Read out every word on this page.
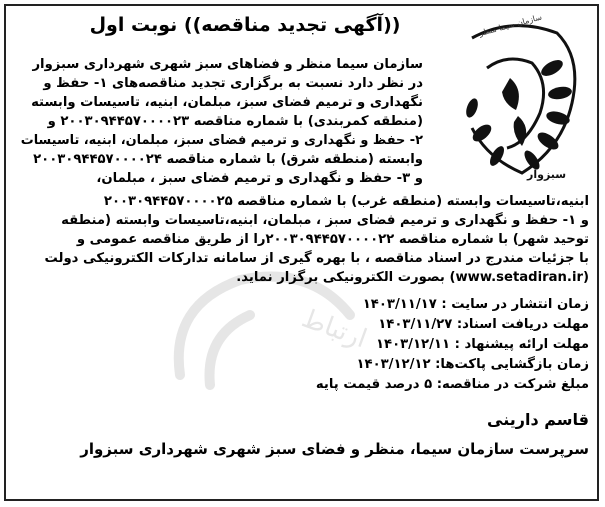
سازمان سیما منظر
سبزوار
ارتباط
((آگهی تجدید مناقصه)) نوبت اول
سازمان سیما منظر و فضاهای سبز شهری شهرداری سبزوار
در نظر دارد نسبت به برگزاری تجدید مناقصه‌های ۱- حفظ و
نگهداری و ترمیم فضای سبز، مبلمان، ابنیه، تاسیسات وابسته
(منطقه کمربندی) با شماره مناقصه ۲۰۰۳۰۹۴۴۵۷۰۰۰۰۲۳ و
۲- حفظ و نگهداری و ترمیم فضای سبز، مبلمان، ابنیه، تاسیسات
وابسته (منطقه شرق) با شماره مناقصه ۲۰۰۳۰۹۴۴۵۷۰۰۰۰۲۴
و ۳- حفظ و نگهداری و ترمیم فضای سبز ، مبلمان،
ابنیه،تاسیسات وابسته (منطقه غرب) با شماره مناقصه ۲۰۰۳۰۹۴۴۵۷۰۰۰۰۲۵
و ۱- حفظ و نگهداری و ترمیم فضای سبز ، مبلمان، ابنیه،تاسیسات وابسته (منطقه
توحید شهر) با شماره مناقصه ۲۰۰۳۰۹۴۴۵۷۰۰۰۰۲۲را از طریق مناقصه عمومی و
با جزئیات مندرج در اسناد مناقصه ، با بهره گیری از سامانه تدارکات الکترونیکی دولت
(www.setadiran.ir) بصورت الکترونیکی برگزار نماید.
زمان انتشار در سایت : ۱۴۰۳/۱۱/۱۷
مهلت دریافت اسناد: ۱۴۰۳/۱۱/۲۷
مهلت ارائه پیشنهاد : ۱۴۰۳/۱۲/۱۱
زمان بازگشایی پاکت‌ها: ۱۴۰۳/۱۲/۱۲
مبلغ شرکت در مناقصه: ۵ درصد قیمت پایه
قاسم دارینی
سرپرست سازمان سیما، منظر و فضای سبز شهری شهرداری سبزوار
